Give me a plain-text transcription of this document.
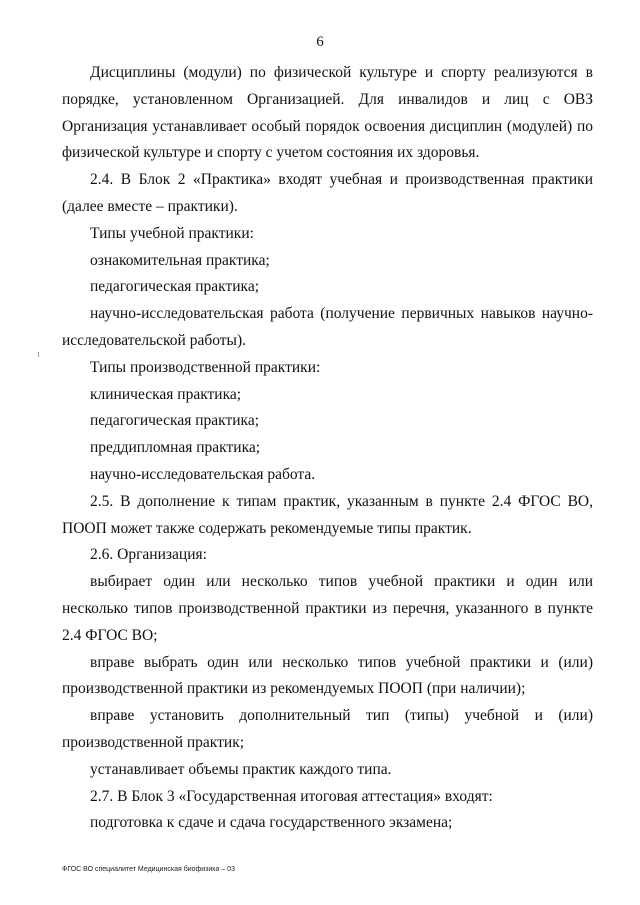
6

Дисциплины (модули) по физической культуре и спорту реализуются в порядке, установленном Организацией. Для инвалидов и лиц с ОВЗ Организация устанавливает особый порядок освоения дисциплин (модулей) по физической культуре и спорту с учетом состояния их здоровья.

2.4. В Блок 2 «Практика» входят учебная и производственная практики (далее вместе – практики).

Типы учебной практики:

ознакомительная практика;

педагогическая практика;

научно-исследовательская работа (получение первичных навыков научно-исследовательской работы).

Типы производственной практики:

клиническая практика;

педагогическая практика;

преддипломная практика;

научно-исследовательская работа.

2.5. В дополнение к типам практик, указанным в пункте 2.4 ФГОС ВО, ПООП может также содержать рекомендуемые типы практик.

2.6. Организация:

выбирает один или несколько типов учебной практики и один или несколько типов производственной практики из перечня, указанного в пункте 2.4 ФГОС ВО;

вправе выбрать один или несколько типов учебной практики и (или) производственной практики из рекомендуемых ПООП (при наличии);

вправе установить дополнительный тип (типы) учебной и (или) производственной практик;

устанавливает объемы практик каждого типа.

2.7. В Блок 3 «Государственная итоговая аттестация» входят:

подготовка к сдаче и сдача государственного экзамена;

ФГОС ВО специалитет Медицинская биофизика – 03
